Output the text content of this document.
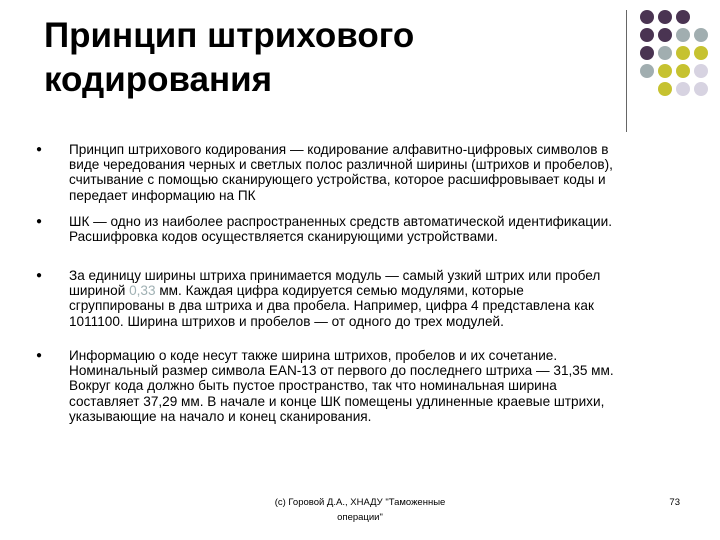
Принцип штрихового кодирования
● Принцип штрихового кодирования — кодирование алфавитно-цифровых символов в
виде чередования черных и светлых полос различной ширины (штрихов и пробелов),
считывание с помощью сканирующего устройства, которое расшифровывает коды и
передает информацию на ПК
● ШК — одно из наиболее распространенных средств автоматической идентификации.
Расшифровка кодов осуществляется сканирующими устройствами.
● За единицу ширины штриха принимается модуль — самый узкий штрих или пробел
шириной 0,33 мм. Каждая цифра кодируется семью модулями, которые
сгруппированы в два штриха и два пробела. Например, цифра 4 представлена как
1011100. Ширина штрихов и пробелов — от одного до трех модулей.
● Информацию о коде несут также ширина штрихов, пробелов и их сочетание.
Номинальный размер символа EAN-13 от первого до последнего штриха — 31,35 мм.
Вокруг кода должно быть пустое пространство, так что номинальная ширина
составляет 37,29 мм. В начале и конце ШК помещены удлиненные краевые штрихи,
указывающие на начало и конец сканирования.
(c) Горовой Д.А., ХНАДУ "Таможенные
операции"
73
